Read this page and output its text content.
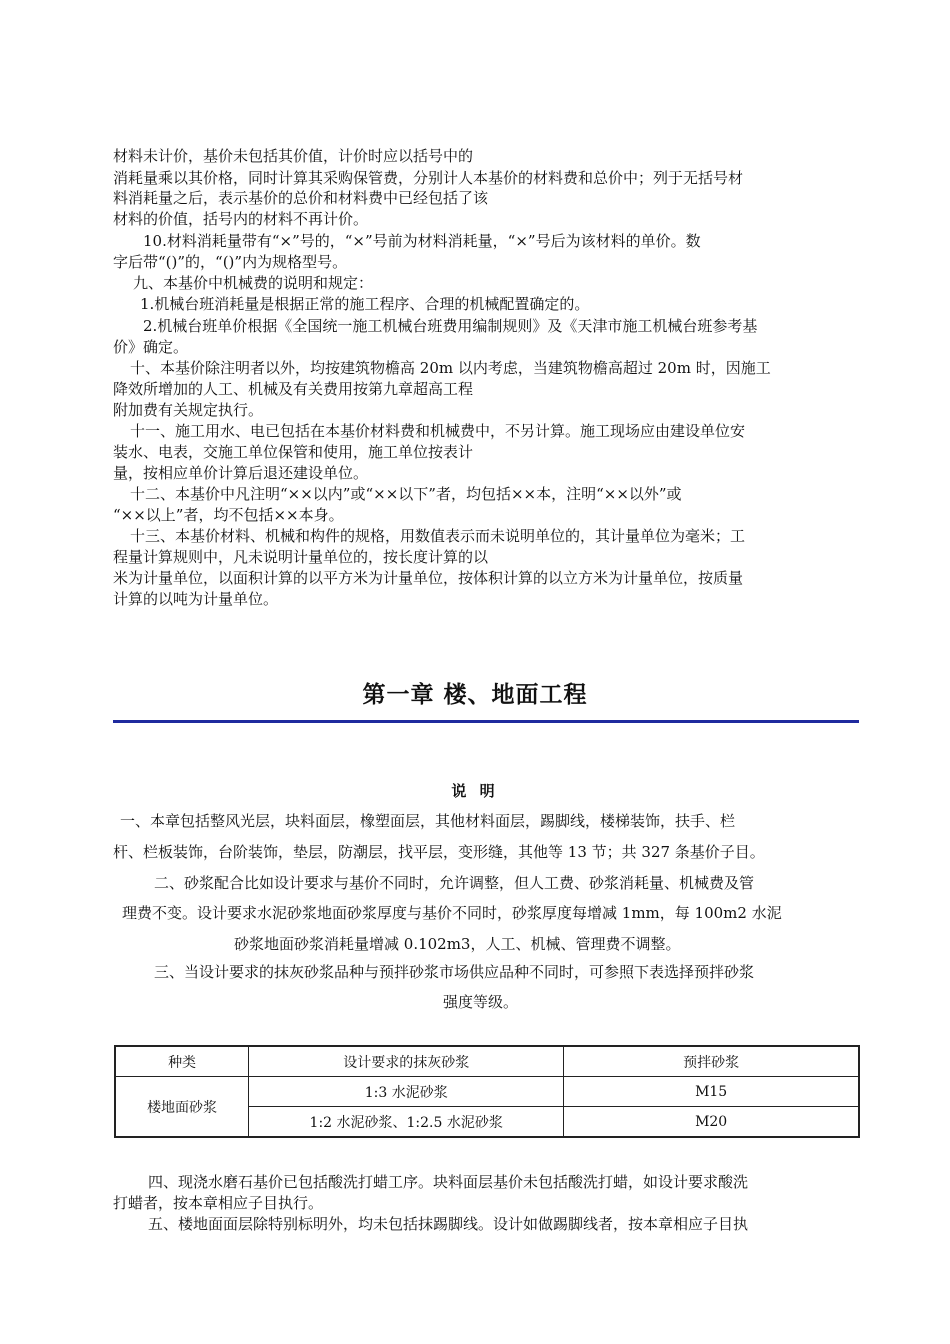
材料未计价，基价未包括其价值，计价时应以括号中的
消耗量乘以其价格，同时计算其采购保管费，分别计人本基价的材料费和总价中；列于无括号材
料消耗量之后，表示基价的总价和材料费中已经包括了该
材料的价值，括号内的材料不再计价。
10.材料消耗量带有“×”号的，“×”号前为材料消耗量，“×”号后为该材料的单价。数
字后带“()”的，“()”内为规格型号。
九、本基价中机械费的说明和规定：
1.机械台班消耗量是根据正常的施工程序、合理的机械配置确定的。
2.机械台班单价根据《全国统一施工机械台班费用编制规则》及《天津市施工机械台班参考基
价》确定。
十、本基价除注明者以外，均按建筑物檐高 20m 以内考虑，当建筑物檐高超过 20m 时，因施工
降效所增加的人工、机械及有关费用按第九章超高工程
附加费有关规定执行。
十一、施工用水、电已包括在本基价材料费和机械费中，不另计算。施工现场应由建设单位安
装水、电表，交施工单位保管和使用，施工单位按表计
量，按相应单价计算后退还建设单位。
十二、本基价中凡注明“××以内”或“××以下”者，均包括××本，注明“××以外”或
“××以上”者，均不包括××本身。
十三、本基价材料、机械和构件的规格，用数值表示而未说明单位的，其计量单位为毫米；工
程量计算规则中，凡未说明计量单位的，按长度计算的以
米为计量单位，以面积计算的以平方米为计量单位，按体积计算的以立方米为计量单位，按质量
计算的以吨为计量单位。
第一章 楼、地面工程
说 明
一、本章包括整风光层，块料面层，橡塑面层，其他材料面层，踢脚线，楼梯装饰，扶手、栏
杆、栏板装饰，台阶装饰，垫层，防潮层，找平层，变形缝，其他等 13 节；共 327 条基价子目。
二、砂浆配合比如设计要求与基价不同时，允许调整，但人工费、砂浆消耗量、机械费及管
理费不变。设计要求水泥砂浆地面砂浆厚度与基价不同时，砂浆厚度每增减 1mm，每 100m2 水泥
砂浆地面砂浆消耗量增减 0.102m3，人工、机械、管理费不调整。
三、当设计要求的抹灰砂浆品种与预拌砂浆市场供应品种不同时，可参照下表选择预拌砂浆
强度等级。
种类	设计要求的抹灰砂浆	预拌砂浆
楼地面砂浆	1:3 水泥砂浆	M15
	1:2 水泥砂浆、1:2.5 水泥砂浆	M20
四、现浇水磨石基价已包括酸洗打蜡工序。块料面层基价未包括酸洗打蜡，如设计要求酸洗
打蜡者，按本章相应子目执行。
五、楼地面面层除特别标明外，均未包括抹踢脚线。设计如做踢脚线者，按本章相应子目执
